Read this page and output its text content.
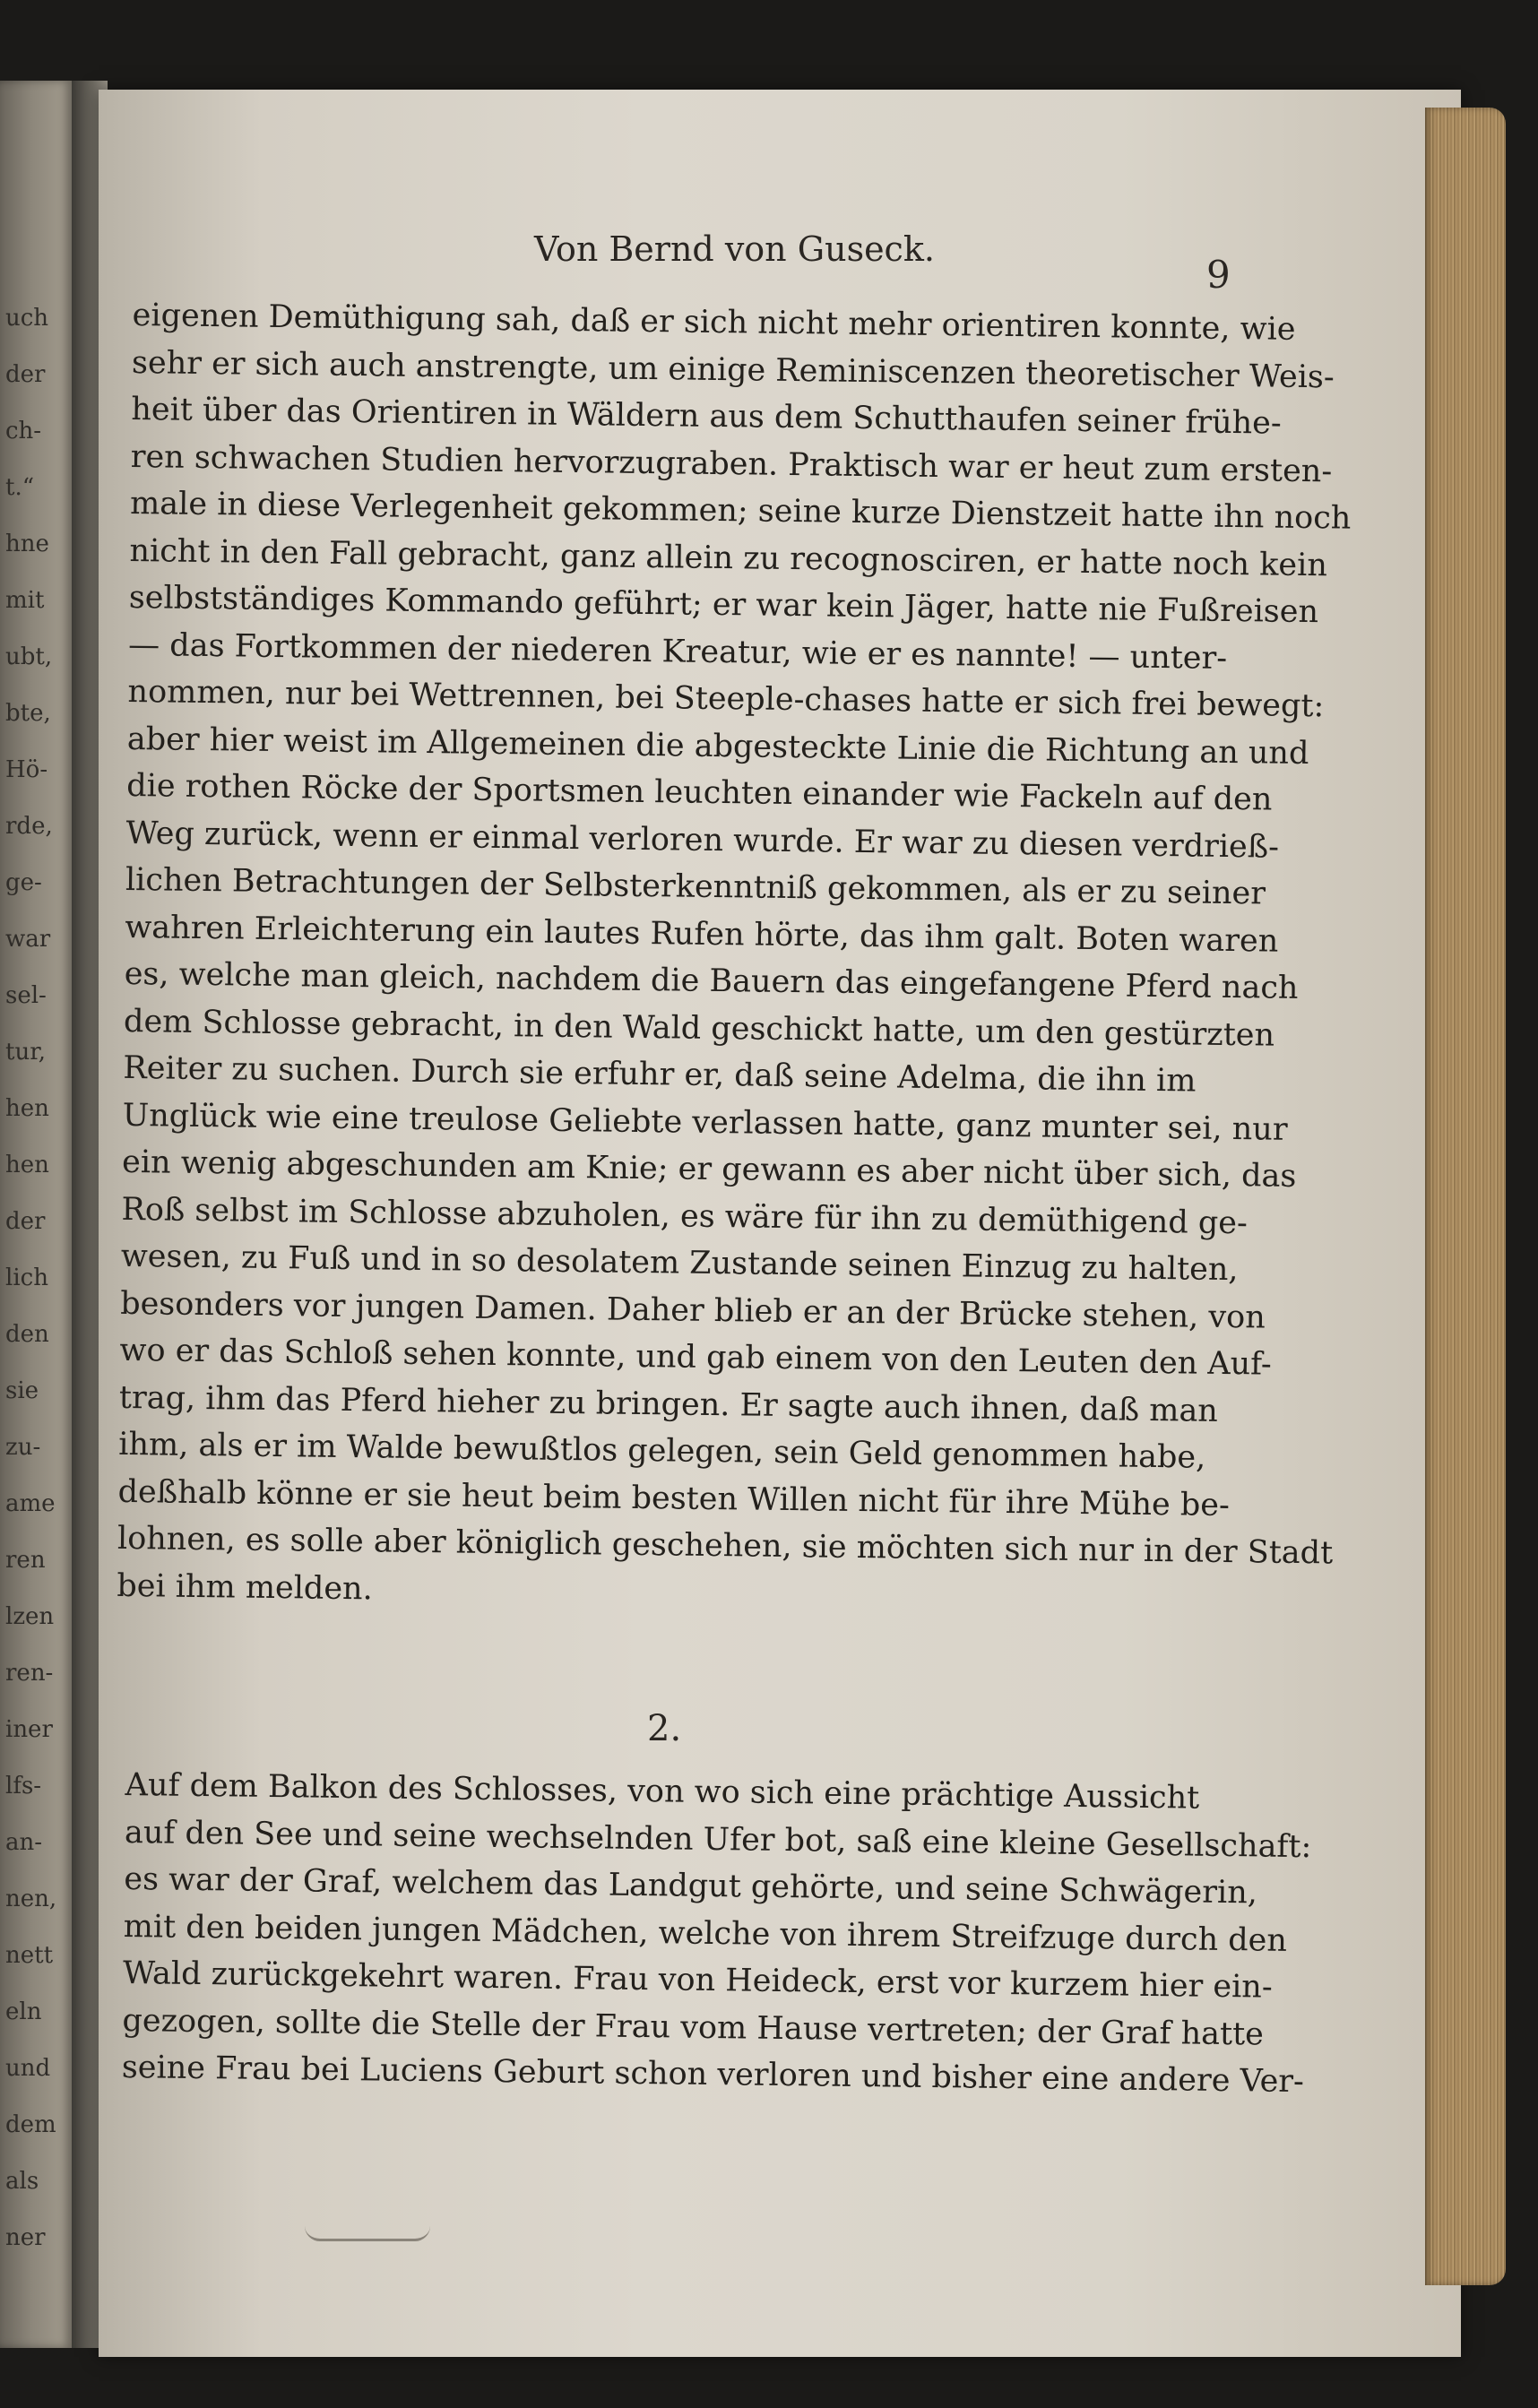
uch
der
ch-
t.“
hne
mit
ubt,
bte,
Hö-
rde,
ge-
war
sel-
tur,
hen
hen
der
lich
den
sie
zu-
ame
ren
lzen
ren-
iner
lfs-
an-
nen,
nett
eln
und
dem
als
ner
Von Bernd von Guseck.
9
eigenen Demüthigung sah, daß er sich nicht mehr orientiren konnte, wie
sehr er sich auch anstrengte, um einige Reminiscenzen theoretischer Weis-
heit über das Orientiren in Wäldern aus dem Schutthaufen seiner frühe-
ren schwachen Studien hervorzugraben. Praktisch war er heut zum ersten-
male in diese Verlegenheit gekommen; seine kurze Dienstzeit hatte ihn noch
nicht in den Fall gebracht, ganz allein zu recognosciren, er hatte noch kein
selbstständiges Kommando geführt; er war kein Jäger, hatte nie Fußreisen
— das Fortkommen der niederen Kreatur, wie er es nannte! — unter-
nommen, nur bei Wettrennen, bei Steeple-chases hatte er sich frei bewegt:
aber hier weist im Allgemeinen die abgesteckte Linie die Richtung an und
die rothen Röcke der Sportsmen leuchten einander wie Fackeln auf den
Weg zurück, wenn er einmal verloren wurde. Er war zu diesen verdrieß-
lichen Betrachtungen der Selbsterkenntniß gekommen, als er zu seiner
wahren Erleichterung ein lautes Rufen hörte, das ihm galt. Boten waren
es, welche man gleich, nachdem die Bauern das eingefangene Pferd nach
dem Schlosse gebracht, in den Wald geschickt hatte, um den gestürzten
Reiter zu suchen. Durch sie erfuhr er, daß seine Adelma, die ihn im
Unglück wie eine treulose Geliebte verlassen hatte, ganz munter sei, nur
ein wenig abgeschunden am Knie; er gewann es aber nicht über sich, das
Roß selbst im Schlosse abzuholen, es wäre für ihn zu demüthigend ge-
wesen, zu Fuß und in so desolatem Zustande seinen Einzug zu halten,
besonders vor jungen Damen. Daher blieb er an der Brücke stehen, von
wo er das Schloß sehen konnte, und gab einem von den Leuten den Auf-
trag, ihm das Pferd hieher zu bringen. Er sagte auch ihnen, daß man
ihm, als er im Walde bewußtlos gelegen, sein Geld genommen habe,
deßhalb könne er sie heut beim besten Willen nicht für ihre Mühe be-
lohnen, es solle aber königlich geschehen, sie möchten sich nur in der Stadt
bei ihm melden.
2.
Auf dem Balkon des Schlosses, von wo sich eine prächtige Aussicht
auf den See und seine wechselnden Ufer bot, saß eine kleine Gesellschaft:
es war der Graf, welchem das Landgut gehörte, und seine Schwägerin,
mit den beiden jungen Mädchen, welche von ihrem Streifzuge durch den
Wald zurückgekehrt waren. Frau von Heideck, erst vor kurzem hier ein-
gezogen, sollte die Stelle der Frau vom Hause vertreten; der Graf hatte
seine Frau bei Luciens Geburt schon verloren und bisher eine andere Ver-
